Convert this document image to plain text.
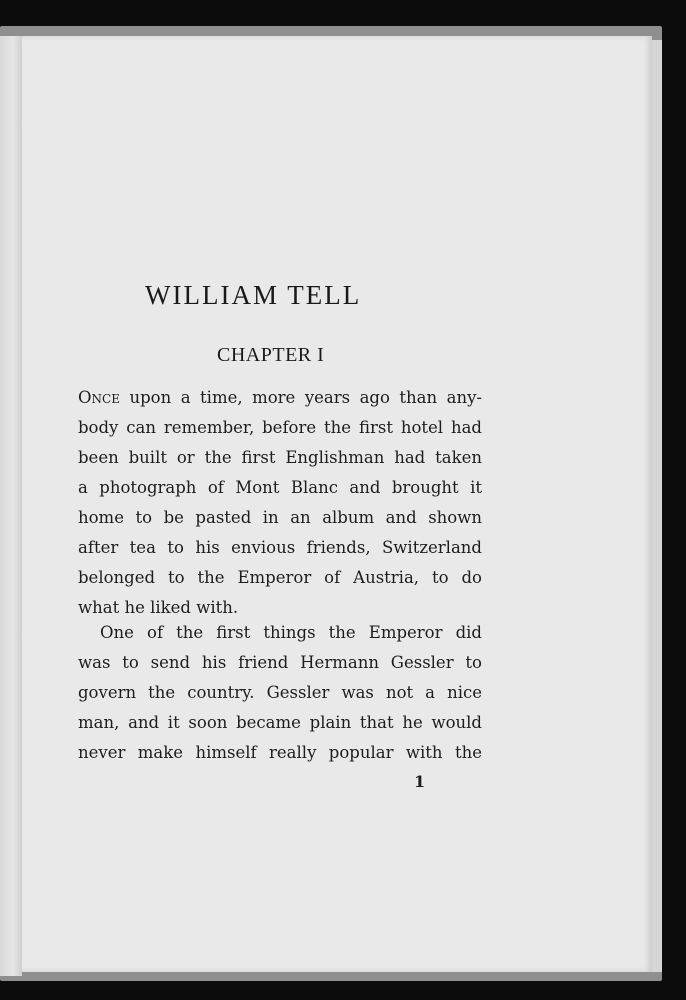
WILLIAM TELL
CHAPTER I
Once upon a time, more years ago than any-
body can remember, before the first hotel had
been built or the first Englishman had taken
a photograph of Mont Blanc and brought it
home to be pasted in an album and shown
after tea to his envious friends, Switzerland
belonged to the Emperor of Austria, to do
what he liked with.
One of the first things the Emperor did
was to send his friend Hermann Gessler to
govern the country. Gessler was not a nice
man, and it soon became plain that he would
never make himself really popular with the
1
